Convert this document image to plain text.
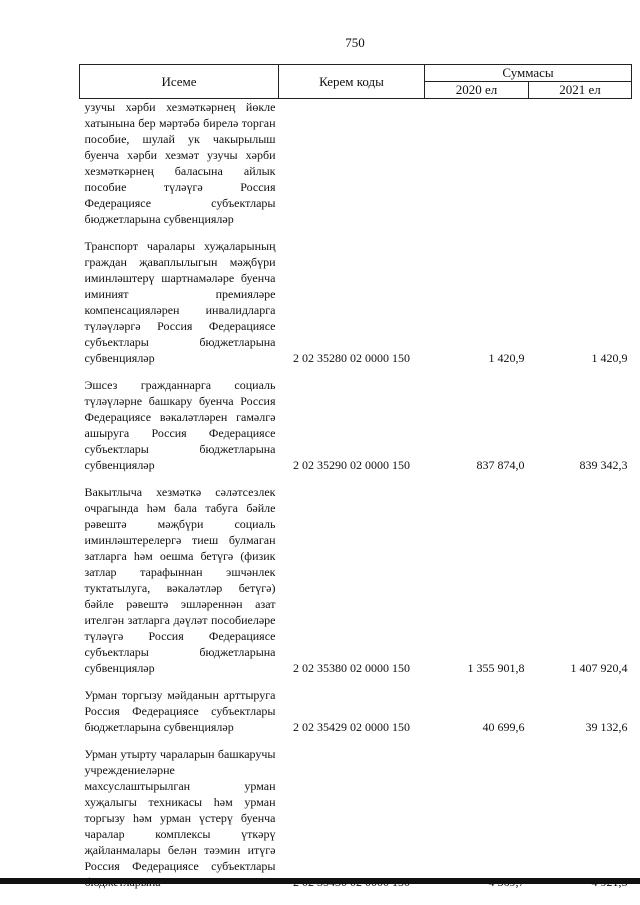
750
Исеме	Керем коды	Суммасы	
		2020 ел	2021 ел
узучы хәрби хезмәткәрнең йөкле хатынына бер мәртәбә бирелә торган пособие, шулай ук чакырылыш буенча хәрби хезмәт узучы хәрби хезмәткәрнең баласына айлык пособие түләүгә Россия Федерациясе субъектлары бюджетларына субвенцияләр			

Транспорт чаралары хуҗаларының граждан җаваплылыгын мәҗбүри иминләштерү шартнамәләре буенча иминият премияләре компенсацияләрен инвалидларга түләүләргә Россия Федерациясе субъектлары бюджетларына субвенцияләр	2 02 35280 02 0000 150	1 420,9	1 420,9

Эшсез гражданнарга социаль түләүләрне башкару буенча Россия Федерациясе вәкаләтләрен гамәлгә ашыруга Россия Федерациясе субъектлары бюджетларына субвенцияләр	2 02 35290 02 0000 150	837 874,0	839 342,3

Вакытлыча хезмәткә сәләтсезлек очрагында һәм бала табуга бәйле рәвештә мәҗбүри социаль иминләштерелергә тиеш булмаган затларга һәм оешма бетүгә (физик затлар тарафыннан эшчәнлек туктатылуга, вәкаләтләр бетүгә) бәйле рәвештә эшләреннән азат ителгән затларга дәүләт пособиеләре түләүгә Россия Федерациясе субъектлары бюджетларына субвенцияләр	2 02 35380 02 0000 150	1 355 901,8	1 407 920,4

Урман торгызу мәйданын арттыруга Россия Федерациясе субъектлары бюджетларына субвенцияләр	2 02 35429 02 0000 150	40 699,6	39 132,6

Урман утырту чараларын башкаручы учреждениеләрне махсуслаштырылган урман хуҗалыгы техникасы һәм урман торгызу һәм урман үстерү буенча чаралар комплексы үткәрү җайланмалары белән тәэмин итүгә Россия Федерациясе субъектлары			
